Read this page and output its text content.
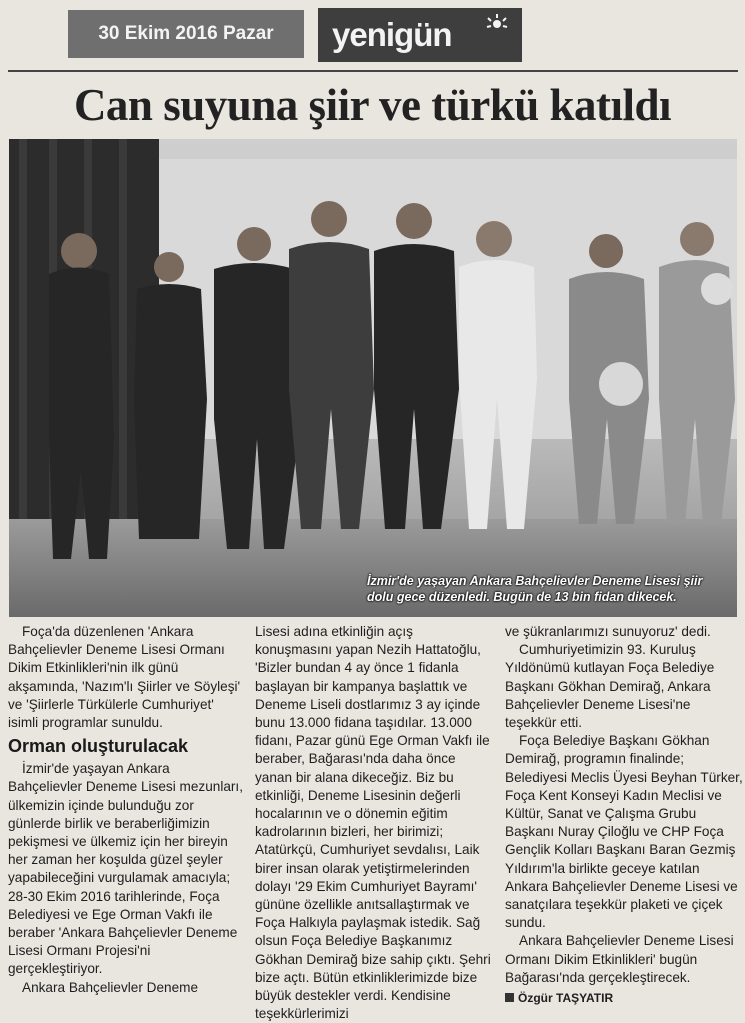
30 Ekim 2016 Pazar	yenigün
Can suyuna şiir ve türkü katıldı
İzmir'de yaşayan Ankara Bahçelievler Deneme Lisesi şiir dolu gece düzenledi. Bugün de 13 bin fidan dikecek.

Foça'da düzenlenen 'Ankara Bahçelievler Deneme Lisesi Ormanı Dikim Etkinlikleri'nin ilk günü akşamında, 'Nazım'lı Şiirler ve Söyleşi' ve 'Şiirlerle Türkülerle Cumhuriyet' isimli programlar sunuldu.

Orman oluşturulacak

İzmir'de yaşayan Ankara Bahçelievler Deneme Lisesi mezunları, ülkemizin içinde bulunduğu zor günlerde birlik ve beraberliğimizin pekişmesi ve ülkemiz için her bireyin her zaman her koşulda güzel şeyler yapabileceğini vurgulamak amacıyla; 28-30 Ekim 2016 tarihlerinde, Foça Belediyesi ve Ege Orman Vakfı ile beraber 'Ankara Bahçelievler Deneme Lisesi Ormanı Projesi'ni gerçekleştiriyor.

Ankara Bahçelievler Deneme

Lisesi adına etkinliğin açış konuşmasını yapan Nezih Hattatoğlu, 'Bizler bundan 4 ay önce 1 fidanla başlayan bir kampanya başlattık ve Deneme Liseli dostlarımız 3 ay içinde bunu 13.000 fidana taşıdılar. 13.000 fidanı, Pazar günü Ege Orman Vakfı ile beraber, Bağarası'nda daha önce yanan bir alana dikeceğiz. Biz bu etkinliği, Deneme Lisesinin değerli hocalarının ve o dönemin eğitim kadrolarının bizleri, her birimizi; Atatürkçü, Cumhuriyet sevdalısı, Laik birer insan olarak yetiştirmelerinden dolayı '29 Ekim Cumhuriyet Bayramı' gününe özellikle anıtsallaştırmak ve Foça Halkıyla paylaşmak istedik. Sağ olsun Foça Belediye Başkanımız Gökhan Demirağ bize sahip çıktı. Şehri bize açtı. Bütün etkinliklerimizde bize büyük destekler verdi. Kendisine teşekkürlerimizi

ve şükranlarımızı sunuyoruz' dedi.

Cumhuriyetimizin 93. Kuruluş Yıldönümü kutlayan Foça Belediye Başkanı Gökhan Demirağ, Ankara Bahçelievler Deneme Lisesi'ne teşekkür etti.

Foça Belediye Başkanı Gökhan Demirağ, programın finalinde; Belediyesi Meclis Üyesi Beyhan Türker, Foça Kent Konseyi Kadın Meclisi ve Kültür, Sanat ve Çalışma Grubu Başkanı Nuray Çiloğlu ve CHP Foça Gençlik Kolları Başkanı Baran Gezmiş Yıldırım'la birlikte geceye katılan Ankara Bahçelievler Deneme Lisesi ve sanatçılara teşekkür plaketi ve çiçek sundu.

Ankara Bahçelievler Deneme Lisesi Ormanı Dikim Etkinlikleri' bugün Bağarası'nda gerçekleştirecek.

Özgür TAŞYATIR
